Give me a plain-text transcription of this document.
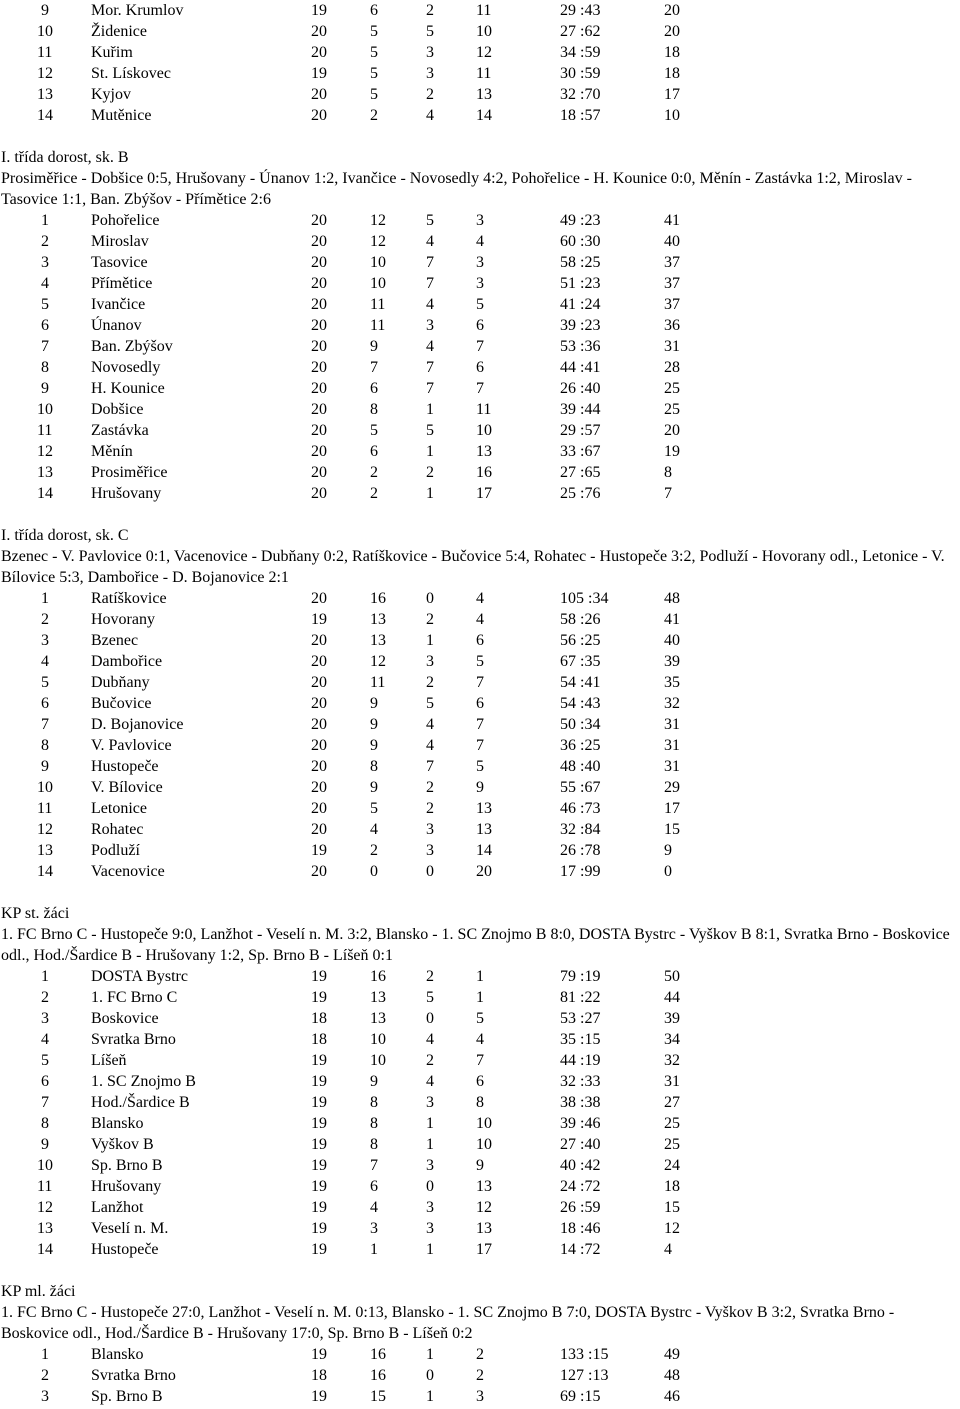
9	Mor. Krumlov	19	6	2	11	29 :43	20
10 Židenice	20	5	5	10	27 :62	20
11 Kuřim	20	5	3	12	34 :59	18
12 St. Lískovec	19	5	3	11	30 :59	18
13 Kyjov	20	5	2	13	32 :70	17
14 Mutěnice	20	2	4	14	18 :57	10
I. třída dorost, sk. B
Prosiměřice - Dobšice 0:5, Hrušovany - Únanov 1:2, Ivančice - Novosedly 4:2, Pohořelice - H. Kounice 0:0, Měnín - Zastávka 1:2, Miroslav - Tasovice 1:1, Ban. Zbýšov - Přímětice 2:6
1	Pohořelice	20	12	5	3	49 :23	41
2	Miroslav	20	12	4	4	60 :30	40
3	Tasovice	20	10	7	3	58 :25	37
4	Přímětice	20	10	7	3	51 :23	37
5	Ivančice	20	11	4	5	41 :24	37
6	Únanov	20	11	3	6	39 :23	36
7	Ban. Zbýšov	20	9	4	7	53 :36	31
8	Novosedly	20	7	7	6	44 :41	28
9	H. Kounice	20	6	7	7	26 :40	25
10 Dobšice	20	8	1	11	39 :44	25
11 Zastávka	20	5	5	10	29 :57	20
12 Měnín	20	6	1	13	33 :67	19
13 Prosiměřice	20	2	2	16	27 :65	8
14 Hrušovany	20	2	1	17	25 :76	7
I. třída dorost, sk. C
Bzenec - V. Pavlovice 0:1, Vacenovice - Dubňany 0:2, Ratíškovice - Bučovice 5:4, Rohatec - Hustopeče 3:2, Podluží - Hovorany odl., Letonice - V. Bílovice 5:3, Dambořice - D. Bojanovice 2:1
1	Ratíškovice	20	16	0	4	105 :34	48
2	Hovorany	19	13	2	4	58 :26	41
3	Bzenec	20	13	1	6	56 :25	40
4	Dambořice	20	12	3	5	67 :35	39
5	Dubňany	20	11	2	7	54 :41	35
6	Bučovice	20	9	5	6	54 :43	32
7	D. Bojanovice	20	9	4	7	50 :34	31
8	V. Pavlovice	20	9	4	7	36 :25	31
9	Hustopeče	20	8	7	5	48 :40	31
10 V. Bílovice	20	9	2	9	55 :67	29
11 Letonice	20	5	2	13	46 :73	17
12 Rohatec	20	4	3	13	32 :84	15
13 Podluží	19	2	3	14	26 :78	9
14 Vacenovice	20	0	0	20	17 :99	0
KP st. žáci
1. FC Brno C - Hustopeče 9:0, Lanžhot - Veselí n. M. 3:2, Blansko - 1. SC Znojmo B 8:0, DOSTA Bystrc - Vyškov B 8:1, Svratka Brno - Boskovice odl., Hod./Šardice B - Hrušovany 1:2, Sp. Brno B - Líšeň 0:1
1	DOSTA Bystrc	19	16	2	1	79 :19	50
2	1. FC Brno C	19	13	5	1	81 :22	44
3	Boskovice	18	13	0	5	53 :27	39
4	Svratka Brno	18	10	4	4	35 :15	34
5	Líšeň	19	10	2	7	44 :19	32
6	1. SC Znojmo B	19	9	4	6	32 :33	31
7	Hod./Šardice B	19	8	3	8	38 :38	27
8	Blansko	19	8	1	10	39 :46	25
9	Vyškov B	19	8	1	10	27 :40	25
10 Sp. Brno B	19	7	3	9	40 :42	24
11 Hrušovany	19	6	0	13	24 :72	18
12 Lanžhot	19	4	3	12	26 :59	15
13 Veselí n. M.	19	3	3	13	18 :46	12
14 Hustopeče	19	1	1	17	14 :72	4
KP ml. žáci
1. FC Brno C - Hustopeče 27:0, Lanžhot - Veselí n. M. 0:13, Blansko - 1. SC Znojmo B 7:0, DOSTA Bystrc - Vyškov B 3:2, Svratka Brno - Boskovice odl., Hod./Šardice B - Hrušovany 17:0, Sp. Brno B - Líšeň 0:2
1	Blansko	19	16	1	2	133 :15	49
2	Svratka Brno	18	16	0	2	127 :13	48
3	Sp. Brno B	19	15	1	3	69 :15	46
